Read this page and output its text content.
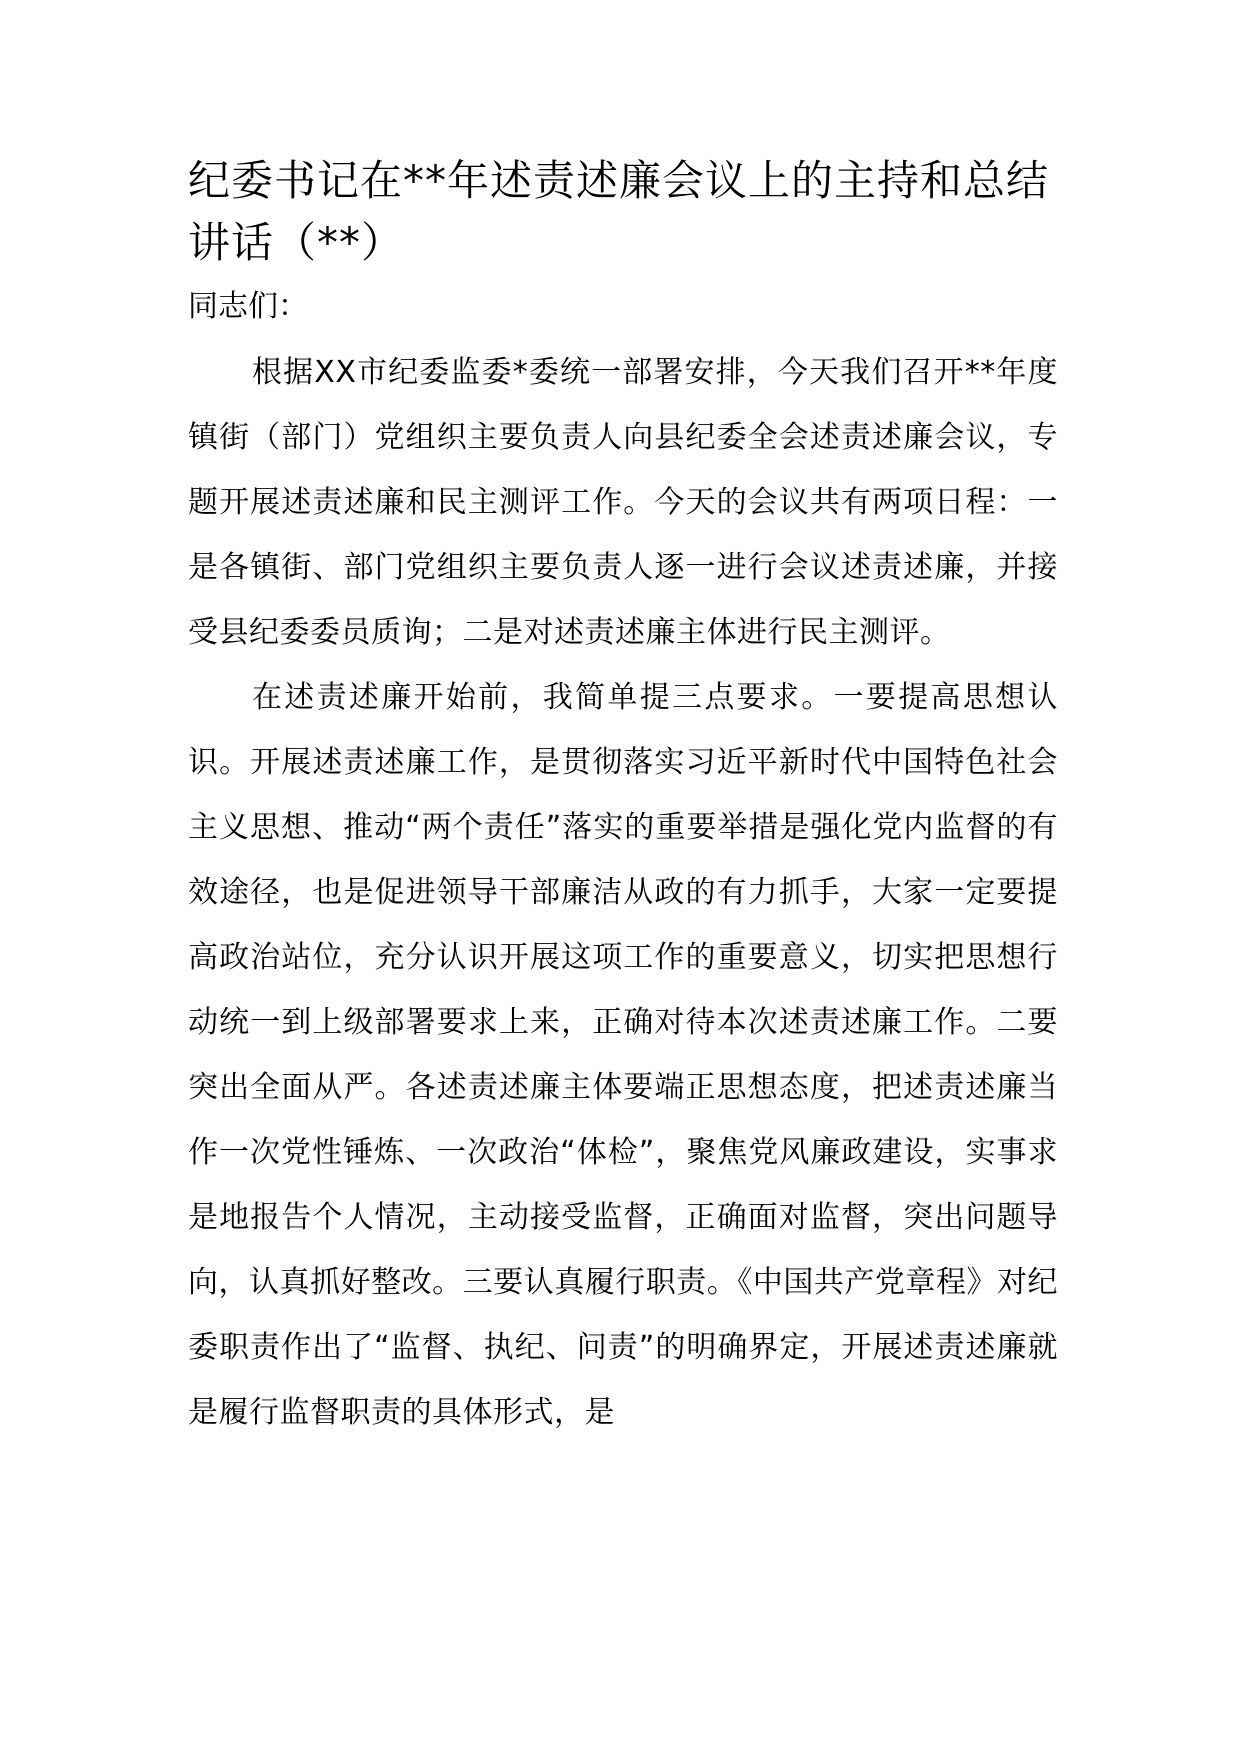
纪委书记在**年述责述廉会议上的主持和总结讲话（**）

同志们：

根据XX市纪委监委*委统一部署安排，今天我们召开**年度镇街（部门）党组织主要负责人向县纪委全会述责述廉会议，专题开展述责述廉和民主测评工作。今天的会议共有两项日程：一是各镇街、部门党组织主要负责人逐一进行会议述责述廉，并接受县纪委委员质询；二是对述责述廉主体进行民主测评。

在述责述廉开始前，我简单提三点要求。一要提高思想认识。开展述责述廉工作，是贯彻落实习近平新时代中国特色社会主义思想、推动“两个责任”落实的重要举措是强化党内监督的有效途径，也是促进领导干部廉洁从政的有力抓手，大家一定要提高政治站位，充分认识开展这项工作的重要意义，切实把思想行动统一到上级部署要求上来，正确对待本次述责述廉工作。二要突出全面从严。各述责述廉主体要端正思想态度，把述责述廉当作一次党性锤炼、一次政治“体检”，聚焦党风廉政建设，实事求是地报告个人情况，主动接受监督，正确面对监督，突出问题导向，认真抓好整改。三要认真履行职责。《中国共产党章程》对纪委职责作出了“监督、执纪、问责”的明确界定，开展述责述廉就是履行监督职责的具体形式，是
